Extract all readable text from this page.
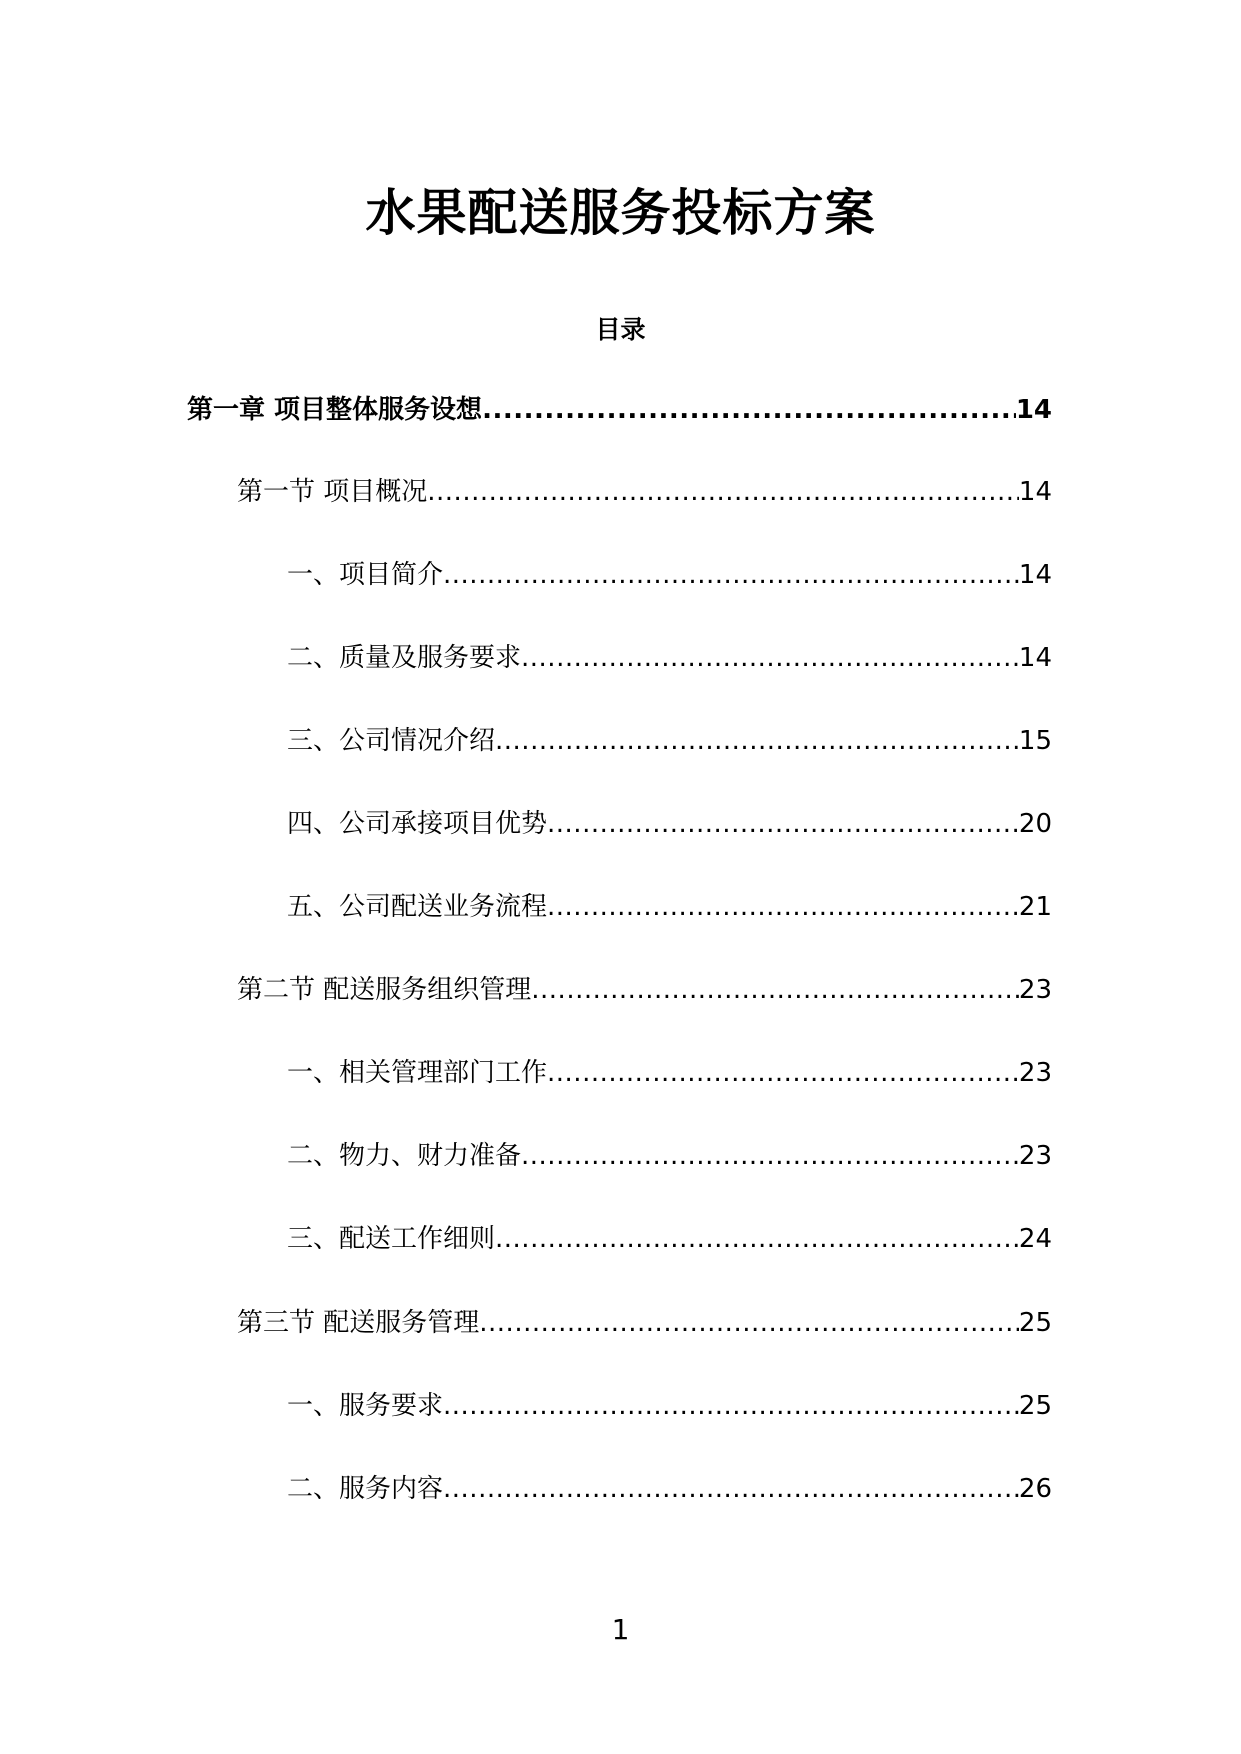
水果配送服务投标方案
目录
第一章 项目整体服务设想 .....	14
第一节 项目概况 .....	14
一、项目简介 .....	14
二、质量及服务要求 .....	14
三、公司情况介绍 .....	15
四、公司承接项目优势 .....	20
五、公司配送业务流程 .....	21
第二节 配送服务组织管理 .....	23
一、相关管理部门工作 .....	23
二、物力、财力准备 .....	23
三、配送工作细则 .....	24
第三节 配送服务管理 .....	25
一、服务要求 .....	25
二、服务内容 .....	26
1
